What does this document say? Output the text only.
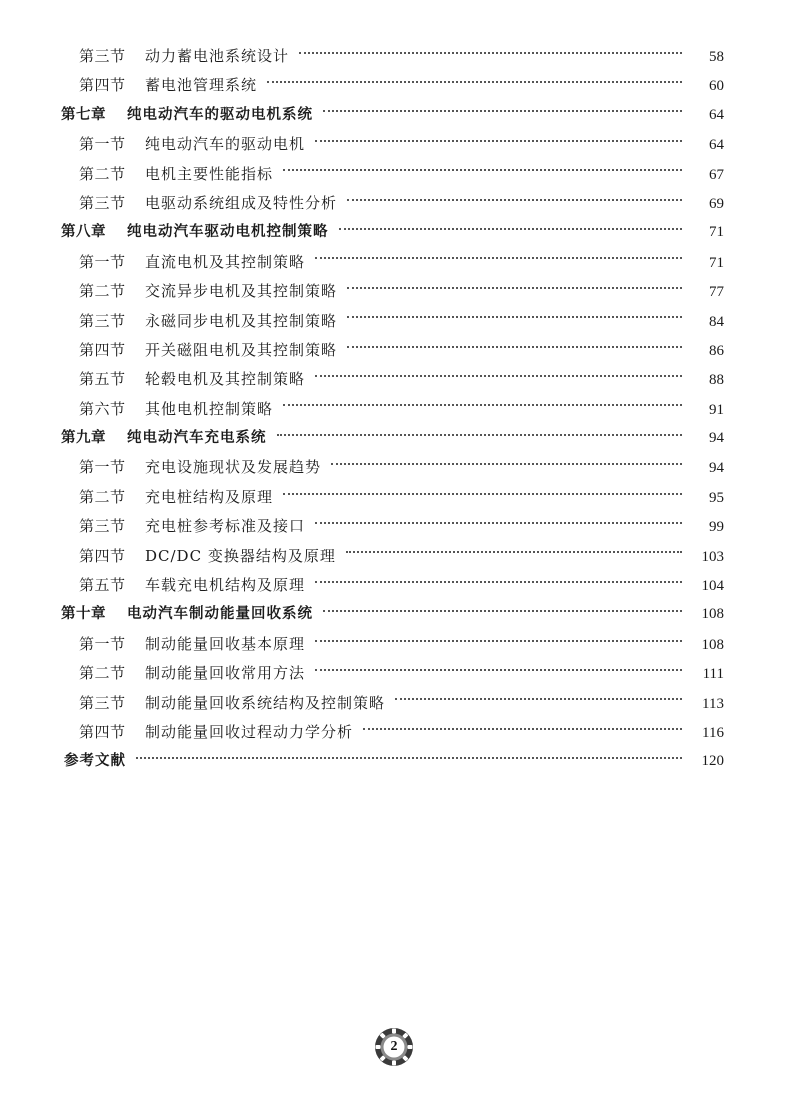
第三节	动力蓄电池系统设计	58
第四节	蓄电池管理系统	60
第七章	纯电动汽车的驱动电机系统	64
第一节	纯电动汽车的驱动电机	64
第二节	电机主要性能指标	67
第三节	电驱动系统组成及特性分析	69
第八章	纯电动汽车驱动电机控制策略	71
第一节	直流电机及其控制策略	71
第二节	交流异步电机及其控制策略	77
第三节	永磁同步电机及其控制策略	84
第四节	开关磁阻电机及其控制策略	86
第五节	轮毂电机及其控制策略	88
第六节	其他电机控制策略	91
第九章	纯电动汽车充电系统	94
第一节	充电设施现状及发展趋势	94
第二节	充电桩结构及原理	95
第三节	充电桩参考标准及接口	99
第四节	DC/DC 变换器结构及原理	103
第五节	车载充电机结构及原理	104
第十章	电动汽车制动能量回收系统	108
第一节	制动能量回收基本原理	108
第二节	制动能量回收常用方法	111
第三节	制动能量回收系统结构及控制策略	113
第四节	制动能量回收过程动力学分析	116
参考文献	120
2
